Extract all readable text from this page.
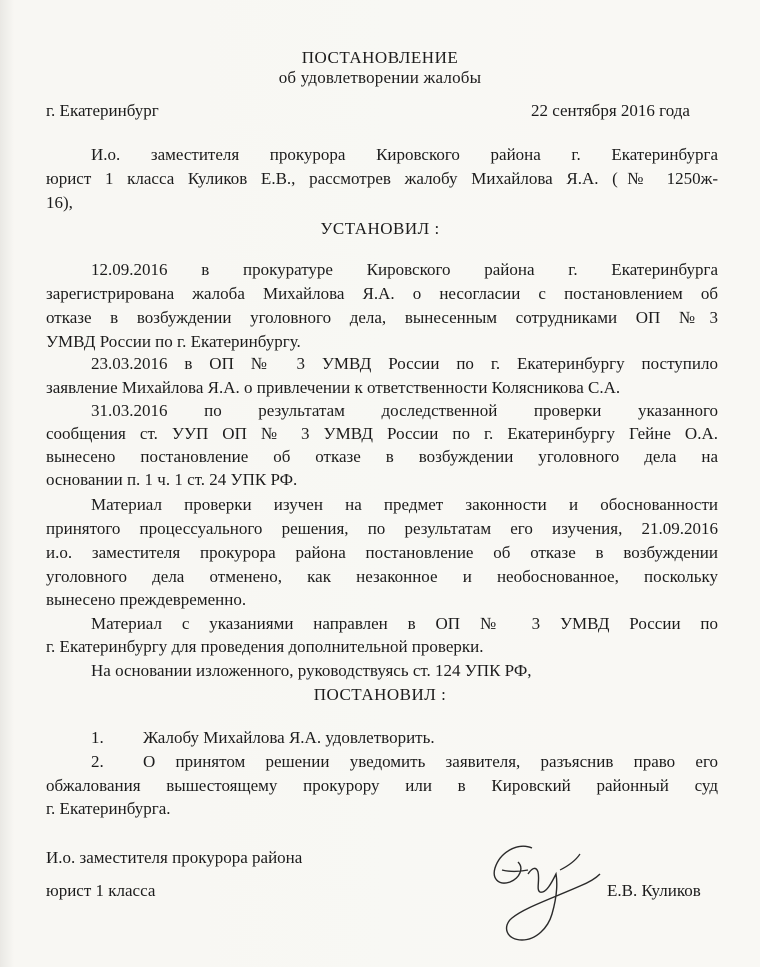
ПОСТАНОВЛЕНИЕ
об удовлетворении жалобы
г. Екатеринбург	22 сентября 2016 года
И.о. заместителя прокурора Кировского района г. Екатеринбурга
юрист 1 класса Куликов Е.В., рассмотрев жалобу Михайлова Я.А. (№ 1250ж-
16),
УСТАНОВИЛ :
12.09.2016 в прокуратуре Кировского района г. Екатеринбурга
зарегистрирована жалоба Михайлова Я.А. о несогласии с постановлением об
отказе в возбуждении уголовного дела, вынесенным сотрудниками ОП №3
УМВД России по г. Екатеринбургу.
23.03.2016 в ОП № 3 УМВД России по г. Екатеринбургу поступило
заявление Михайлова Я.А. о привлечении к ответственности Колясникова С.А.
31.03.2016 по результатам доследственной проверки указанного
сообщения ст. УУП ОП № 3 УМВД России по г. Екатеринбургу Гейне О.А.
вынесено постановление об отказе в возбуждении уголовного дела на
основании п. 1 ч. 1 ст. 24 УПК РФ.
Материал проверки изучен на предмет законности и обоснованности
принятого процессуального решения, по результатам его изучения, 21.09.2016
и.о. заместителя прокурора района постановление об отказе в возбуждении
уголовного дела отменено, как незаконное и необоснованное, поскольку
вынесено преждевременно.
Материал с указаниями направлен в ОП № 3 УМВД России по
г. Екатеринбургу для проведения дополнительной проверки.
На основании изложенного, руководствуясь ст. 124 УПК РФ,
ПОСТАНОВИЛ :
1. Жалобу Михайлова Я.А. удовлетворить.
2. О принятом решении уведомить заявителя, разъяснив право его
обжалования вышестоящему прокурору или в Кировский районный суд
г. Екатеринбурга.
И.о. заместителя прокурора района
юрист 1 класса	Е.В. Куликов
